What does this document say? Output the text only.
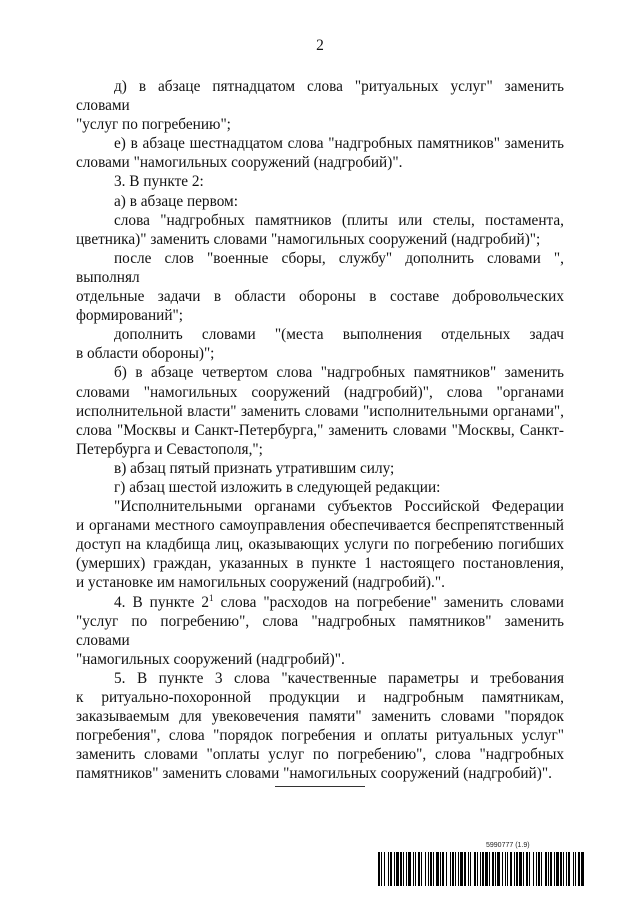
2

д) в абзаце пятнадцатом слова "ритуальных услуг" заменить словами
"услуг по погребению";

е) в абзаце шестнадцатом слова "надгробных памятников" заменить
словами "намогильных сооружений (надгробий)".

3. В пункте 2:

а) в абзаце первом:

слова "надгробных памятников (плиты или стелы, постамента,
цветника)" заменить словами "намогильных сооружений (надгробий)";

после слов "военные сборы, службу" дополнить словами ", выполнял
отдельные задачи в области обороны в составе добровольческих
формирований";

дополнить словами "(места выполнения отдельных задач
в области обороны)";

б) в абзаце четвертом слова "надгробных памятников" заменить
словами "намогильных сооружений (надгробий)", слова "органами
исполнительной власти" заменить словами "исполнительными органами",
слова "Москвы и Санкт-Петербурга," заменить словами "Москвы, Санкт-
Петербурга и Севастополя,";

в) абзац пятый признать утратившим силу;

г) абзац шестой изложить в следующей редакции:

"Исполнительными органами субъектов Российской Федерации
и органами местного самоуправления обеспечивается беспрепятственный
доступ на кладбища лиц, оказывающих услуги по погребению погибших
(умерших) граждан, указанных в пункте 1 настоящего постановления,
и установке им намогильных сооружений (надгробий).".

4. В пункте $2^1$ слова "расходов на погребение" заменить словами
"услуг по погребению", слова "надгробных памятников" заменить словами
"намогильных сооружений (надгробий)".

5. В пункте 3 слова "качественные параметры и требования
к ритуально-похоронной продукции и надгробным памятникам,
заказываемым для увековечения памяти" заменить словами "порядок
погребения", слова "порядок погребения и оплаты ритуальных услуг"
заменить словами "оплаты услуг по погребению", слова "надгробных
памятников" заменить словами "намогильных сооружений (надгробий)".

5990777 (1.9)
